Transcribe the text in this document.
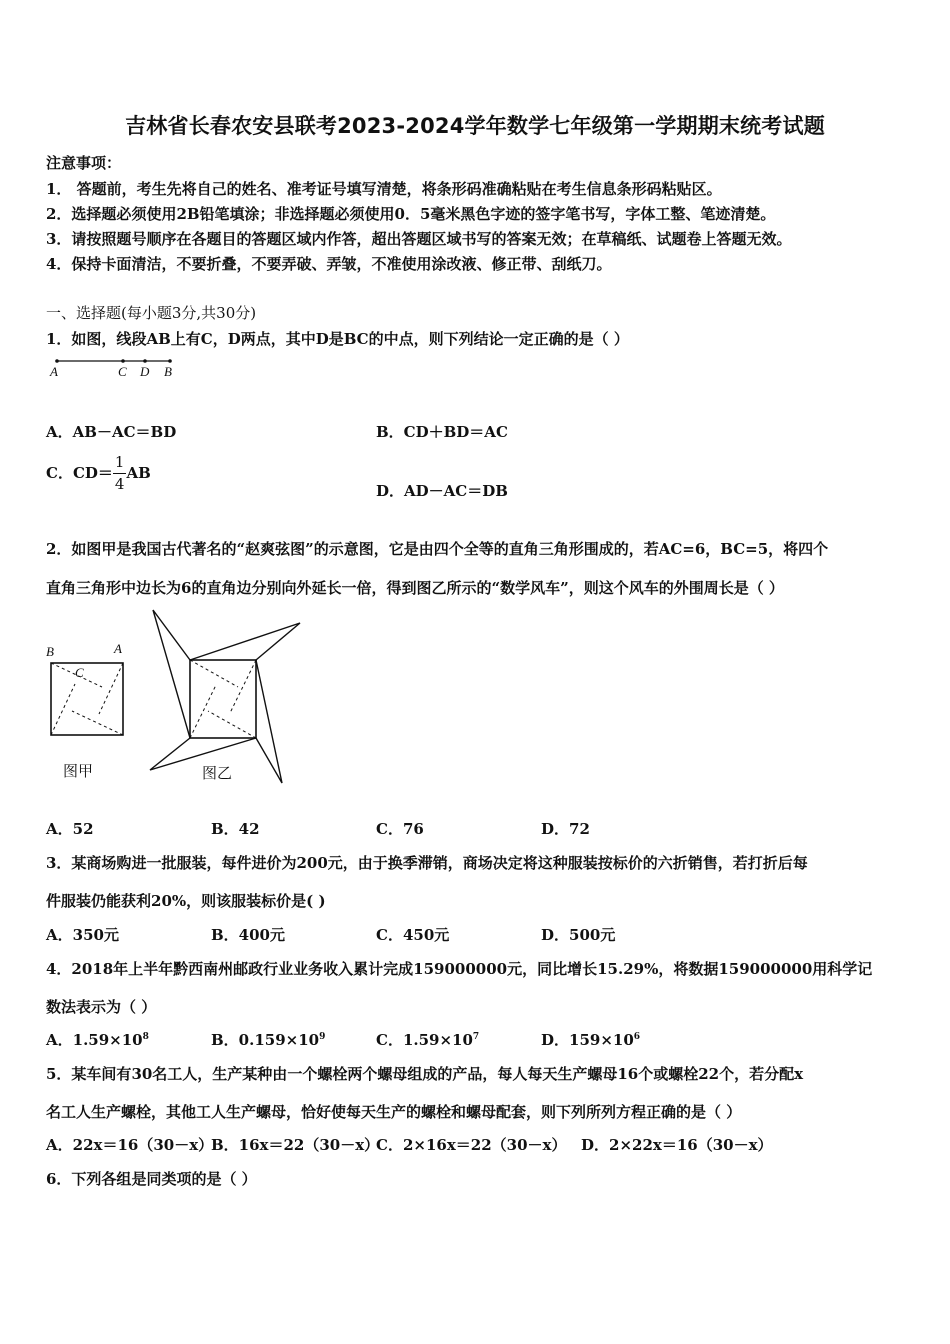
吉林省长春农安县联考2023-2024学年数学七年级第一学期期末统考试题
注意事项：
1． 答题前，考生先将自己的姓名、准考证号填写清楚，将条形码准确粘贴在考生信息条形码粘贴区。
2．选择题必须使用2B铅笔填涂；非选择题必须使用0．5毫米黑色字迹的签字笔书写，字体工整、笔迹清楚。
3．请按照题号顺序在各题目的答题区域内作答，超出答题区域书写的答案无效；在草稿纸、试题卷上答题无效。
4．保持卡面清洁，不要折叠，不要弄破、弄皱，不准使用涂改液、修正带、刮纸刀。
一、选择题(每小题3分,共30分)
1．如图，线段AB上有C，D两点，其中D是BC的中点，则下列结论一定正确的是（ ）
A	C D B
A．AB－AC＝BD	B．CD＋BD＝AC
C．$CD= \frac{1}{4}$ AB
D．AD－AC＝DB
2．如图甲是我国古代著名的“赵爽弦图”的示意图，它是由四个全等的直角三角形围成的，若AC=6，BC=5，将四个
直角三角形中边长为6的直角边分别向外延长一倍，得到图乙所示的“数学风车”，则这个风车的外围周长是（ ）
B	A
C
图甲	图乙
A．52	B．42	C．76	D．72
3．某商场购进一批服装，每件进价为200元，由于换季滞销，商场决定将这种服装按标价的六折销售，若打折后每
件服装仍能获利20%，则该服装标价是( )
A．350元	B．400元	C．450元	D．500元
4．2018年上半年黔西南州邮政行业业务收入累计完成159000000元，同比增长15.29%，将数据159000000用科学记
数法表示为（ ）
A．$1.59\times 10^8$	B．$0.159\times 10^9$	C．$1.59\times 10^7$	D．$159\times 10^6$
5．某车间有30名工人，生产某种由一个螺栓两个螺母组成的产品，每人每天生产螺母16个或螺栓22个，若分配x
名工人生产螺栓，其他工人生产螺母，恰好使每天生产的螺栓和螺母配套，则下列所列方程正确的是（ ）
A．22x＝16（30－x）
B．16x＝22（30－x）
C．2×16x＝22（30－x） D．2×22x＝16（30－x）
6．下列各组是同类项的是（ ）
